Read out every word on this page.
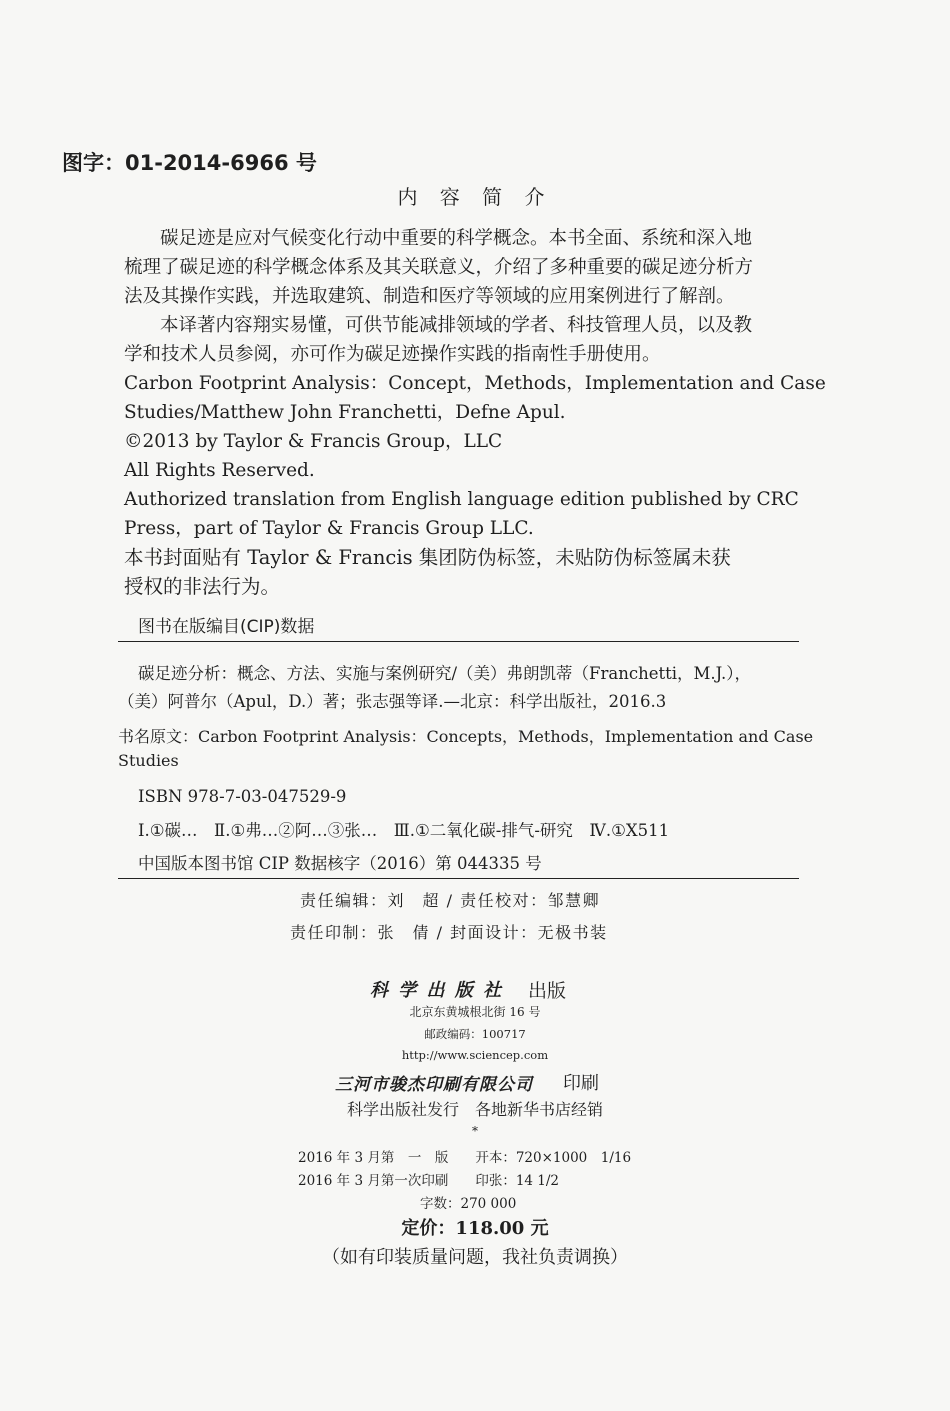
图字：01-2014-6966 号
内 容 简 介
碳足迹是应对气候变化行动中重要的科学概念。本书全面、系统和深入地
梳理了碳足迹的科学概念体系及其关联意义，介绍了多种重要的碳足迹分析方
法及其操作实践，并选取建筑、制造和医疗等领域的应用案例进行了解剖。
本译著内容翔实易懂，可供节能减排领域的学者、科技管理人员，以及教
学和技术人员参阅，亦可作为碳足迹操作实践的指南性手册使用。
Carbon Footprint Analysis：Concept，Methods，Implementation and Case
Studies/Matthew John Franchetti，Defne Apul.
©2013 by Taylor & Francis Group，LLC
All Rights Reserved.
Authorized translation from English language edition published by CRC
Press，part of Taylor & Francis Group LLC.
本书封面贴有 Taylor & Francis 集团防伪标签，未贴防伪标签属未获
授权的非法行为。
图书在版编目(CIP)数据
碳足迹分析：概念、方法、实施与案例研究/（美）弗朗凯蒂（Franchetti，M.J.），
（美）阿普尔（Apul，D.）著；张志强等译.—北京：科学出版社，2016.3
书名原文：Carbon Footprint Analysis：Concepts，Methods，Implementation and Case
Studies
ISBN 978-7-03-047529-9
Ⅰ.①碳…　Ⅱ.①弗…②阿…③张…　Ⅲ.①二氧化碳-排气-研究　Ⅳ.①X511
中国版本图书馆 CIP 数据核字（2016）第 044335 号
责任编辑：刘　超 / 责任校对：邹慧卿
责任印制：张　倩 / 封面设计：无极书装
科 学 出 版 社 出版
北京东黄城根北街 16 号
邮政编码：100717
http://www.sciencep.com
三河市骏杰印刷有限公司 印刷
科学出版社发行　各地新华书店经销
*
2016 年 3 月第　一　版　　开本：720×1000　1/16
2016 年 3 月第一次印刷　　印张：14 1/2
字数：270 000
定价：118.00 元
（如有印装质量问题，我社负责调换）
